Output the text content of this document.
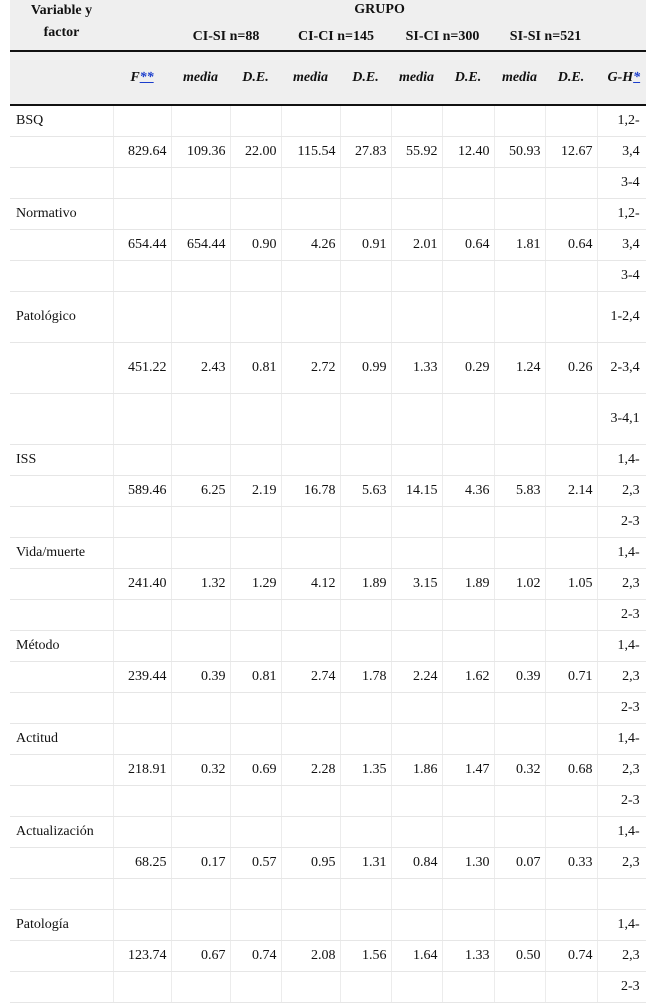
Variable y factor	GRUPO									
		CI-SI n=88		CI-CI n=145		SI-CI n=300		SI-SI n=521		
	F**	media	D.E.	media	D.E.	media	D.E.	media	D.E.	G-H*
BSQ										1,2-
	829.64	109.36	22.00	115.54	27.83	55.92	12.40	50.93	12.67	3,4
										3-4
Normativo										1,2-
	654.44	654.44	0.90	4.26	0.91	2.01	0.64	1.81	0.64	3,4
										3-4
Patológico										1-2,4
	451.22	2.43	0.81	2.72	0.99	1.33	0.29	1.24	0.26	2-3,4
										3-4,1
ISS										1,4-
	589.46	6.25	2.19	16.78	5.63	14.15	4.36	5.83	2.14	2,3
										2-3
Vida/muerte										1,4-
	241.40	1.32	1.29	4.12	1.89	3.15	1.89	1.02	1.05	2,3
										2-3
Método										1,4-
	239.44	0.39	0.81	2.74	1.78	2.24	1.62	0.39	0.71	2,3
										2-3
Actitud										1,4-
	218.91	0.32	0.69	2.28	1.35	1.86	1.47	0.32	0.68	2,3
										2-3
Actualización										1,4-
	68.25	0.17	0.57	0.95	1.31	0.84	1.30	0.07	0.33	2,3

Patología										1,4-
	123.74	0.67	0.74	2.08	1.56	1.64	1.33	0.50	0.74	2,3
										2-3
